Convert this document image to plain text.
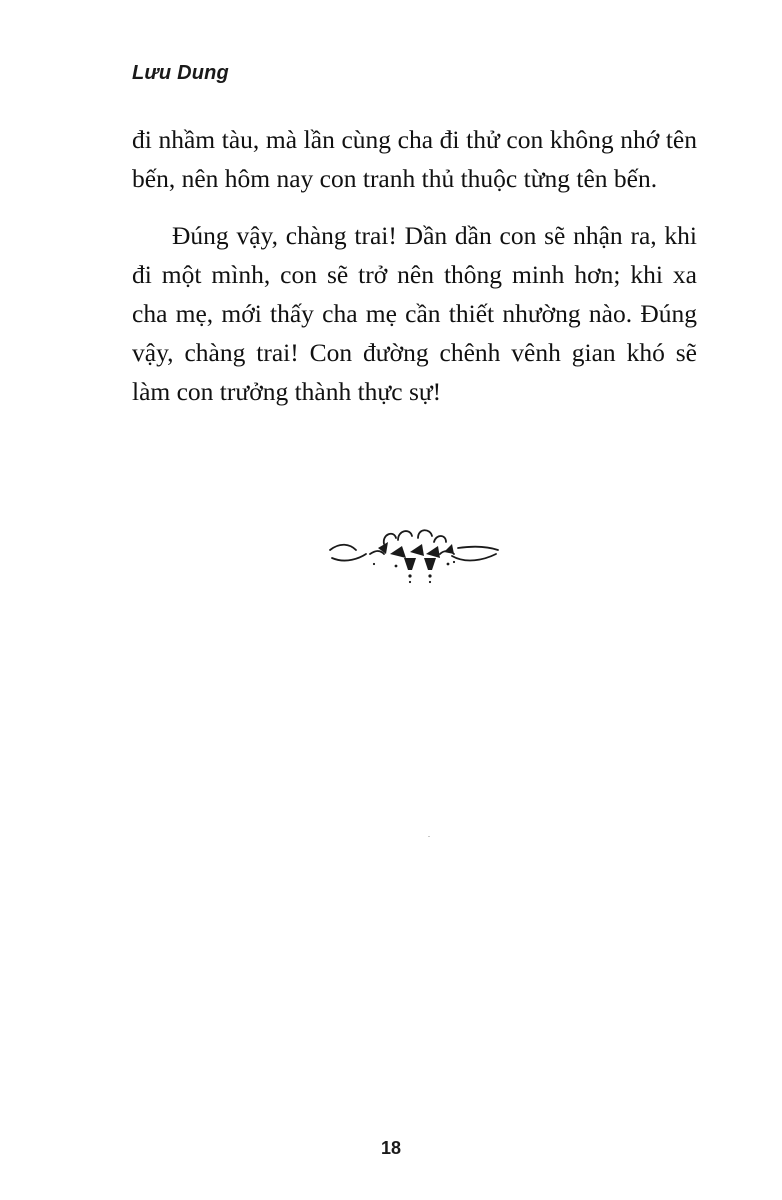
Lưu Dung

đi nhầm tàu, mà lần cùng cha đi thử con không nhớ tên bến, nên hôm nay con tranh thủ thuộc từng tên bến.

Đúng vậy, chàng trai! Dần dần con sẽ nhận ra, khi đi một mình, con sẽ trở nên thông minh hơn; khi xa cha mẹ, mới thấy cha mẹ cần thiết nhường nào. Đúng vậy, chàng trai! Con đường chênh vênh gian khó sẽ làm con trưởng thành thực sự!

18
